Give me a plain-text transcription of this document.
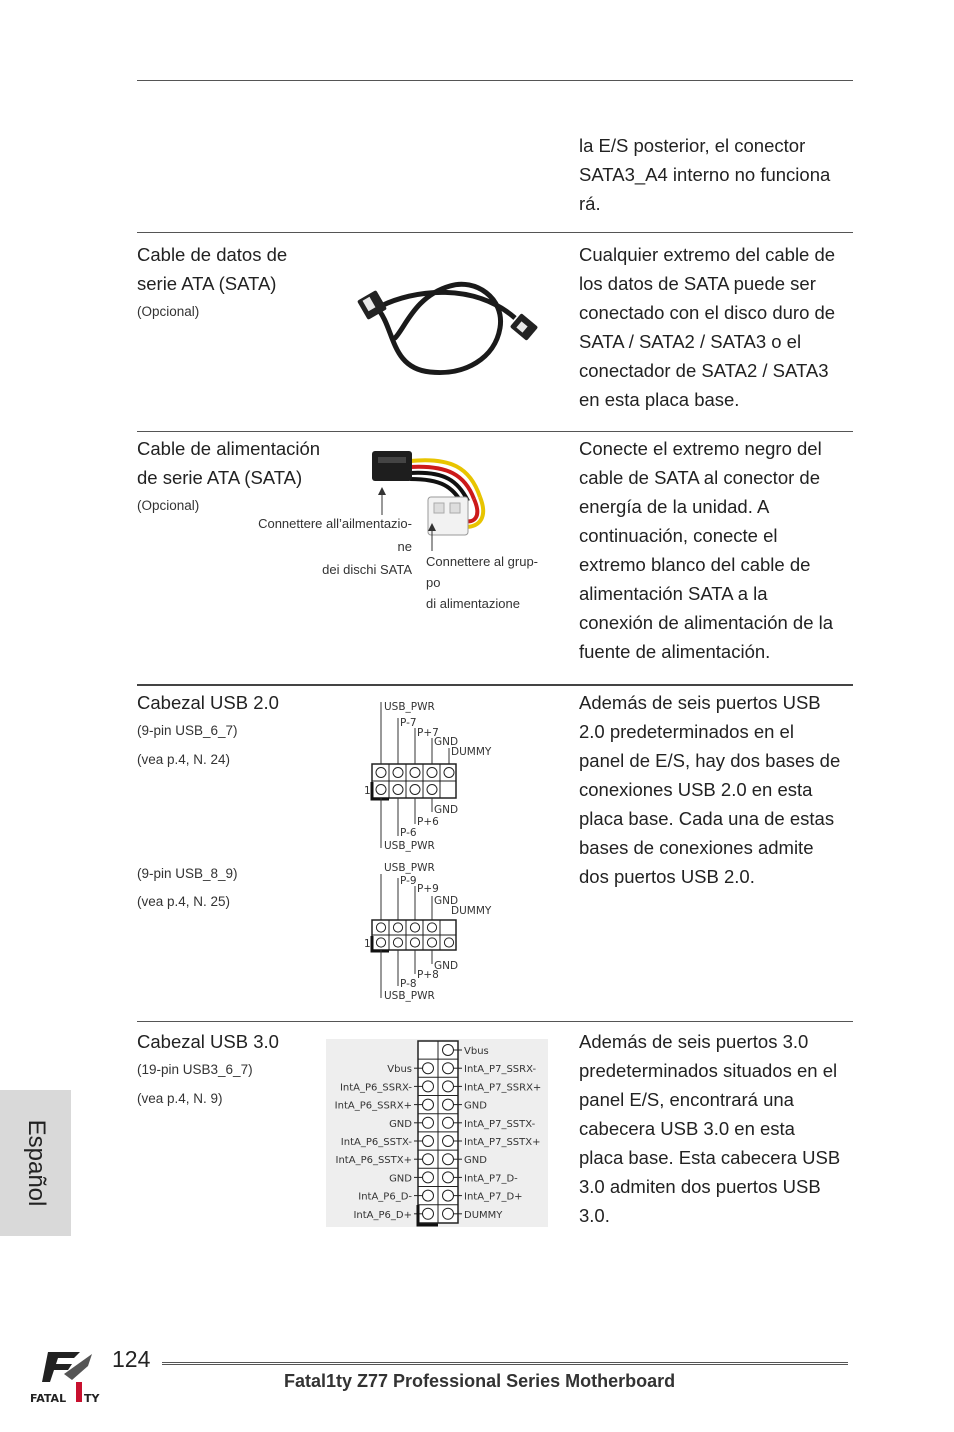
la E/S posterior, el conector
SATA3_A4 interno no funciona
rá.
Cable de datos de
serie ATA (SATA)
(Opcional)
Cualquier extremo del cable de
los datos de SATA puede ser
conectado con el disco duro de
SATA / SATA2 / SATA3 o el
conectador de SATA2 / SATA3
en esta placa base.
Cable de alimentación
de serie ATA (SATA)
(Opcional)
Connettere all’ailmentazio-
ne
dei dischi SATA
Connettere al grup-
po
di alimentazione
Conecte el extremo negro del
cable de SATA al conector de
energía de la unidad. A
continuación, conecte el
extremo blanco del cable de
alimentación SATA a la
conexión de alimentación de la
fuente de alimentación.
Cabezal USB 2.0
(9-pin USB_6_7)
(vea p.4, N. 24)
(9-pin USB_8_9)
(vea p.4, N. 25)
USB_PWR
P-7
P+7
GND
DUMMY
1
GND
P+6
P-6
USB_PWR
USB_PWR
P-9
P+9
GND
DUMMY
1
GND
P+8
P-8
USB_PWR
Además de seis puertos USB
2.0 predeterminados en el
panel de E/S, hay dos bases de
conexiones USB 2.0 en esta
placa base. Cada una de estas
bases de conexiones admite
dos puertos USB 2.0.
Cabezal USB 3.0
(19-pin USB3_6_7)
(vea p.4, N. 9)
Vbus
IntA_P7_SSRX-
Vbus
IntA_P7_SSRX+
IntA_P6_SSRX-
GND
IntA_P6_SSRX+
IntA_P7_SSTX-
GND
IntA_P7_SSTX+
IntA_P6_SSTX-
GND
IntA_P6_SSTX+
IntA_P7_D-
GND
IntA_P7_D+
IntA_P6_D-
DUMMY
IntA_P6_D+
Además de seis puertos 3.0
predeterminados situados en el
panel E/S, encontrará una
cabecera USB 3.0 en esta
placa base. Esta cabecera USB
3.0 admiten dos puertos USB
3.0.
Español
FATAL TY
124
Fatal1ty Z77 Professional Series Motherboard
